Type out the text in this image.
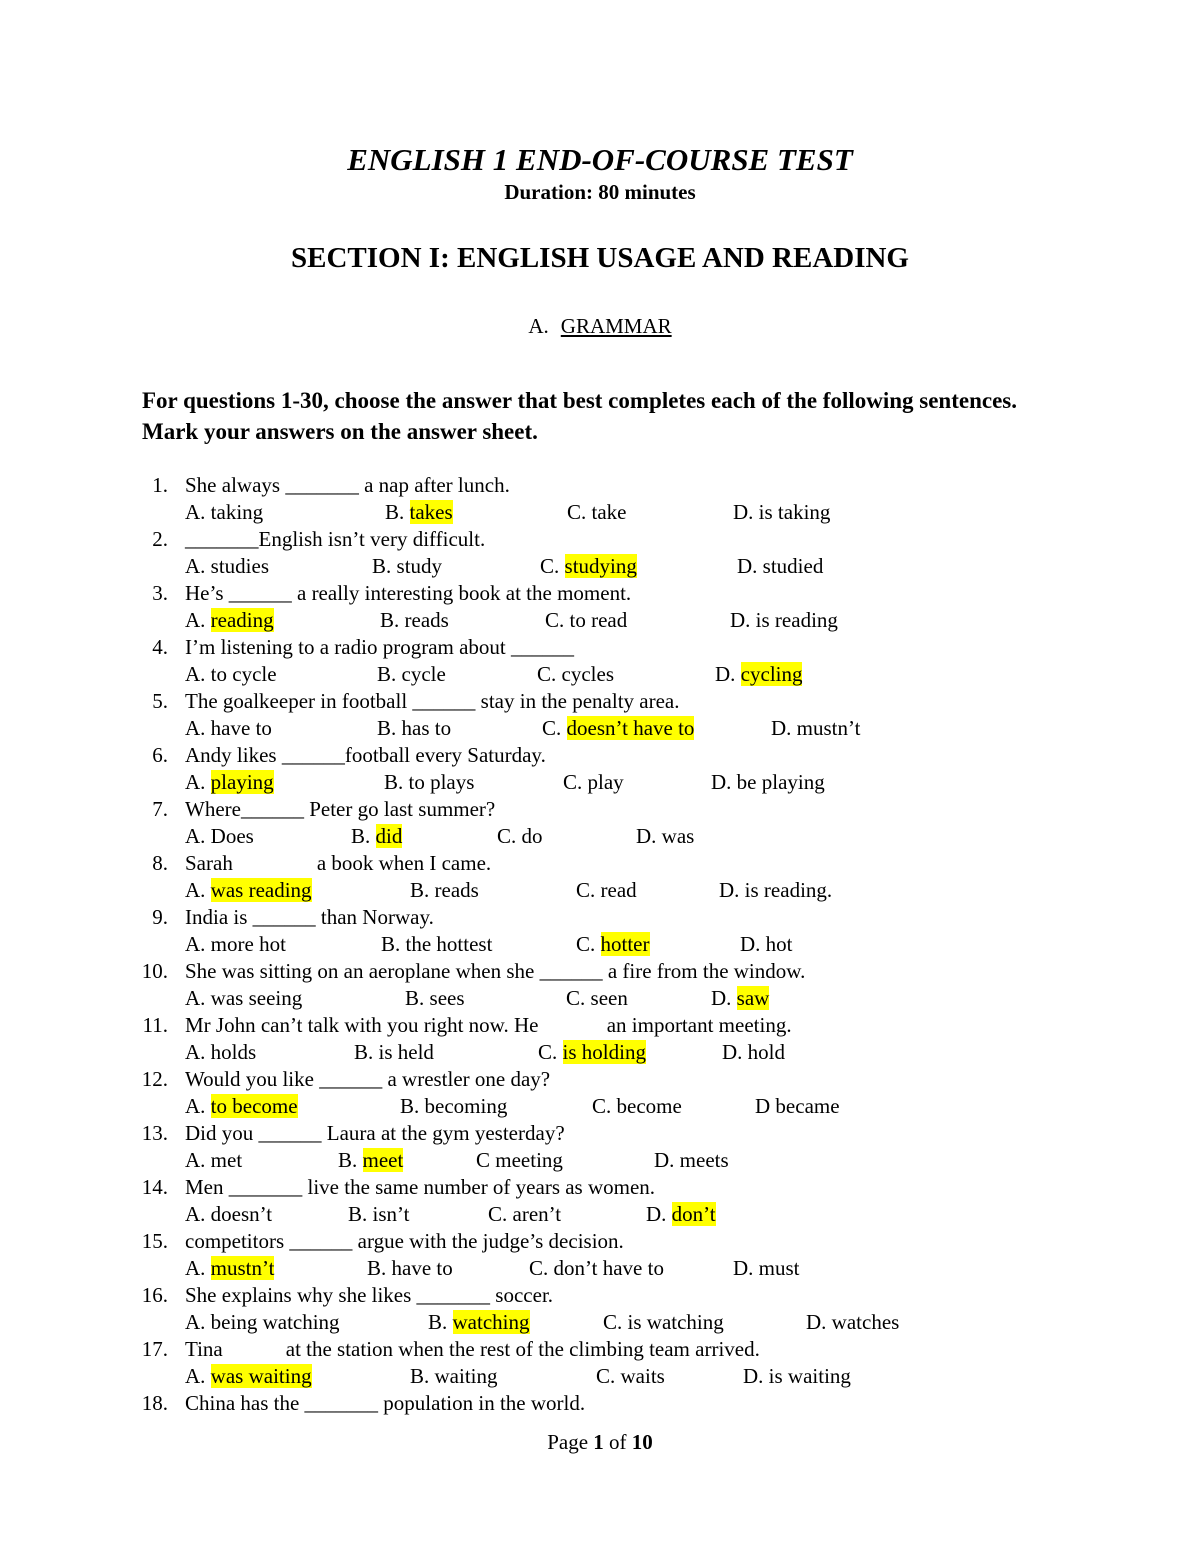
ENGLISH 1 END-OF-COURSE TEST
Duration: 80 minutes
SECTION I: ENGLISH USAGE AND READING
A. GRAMMAR
For questions 1-30, choose the answer that best completes each of the following sentences. Mark your answers on the answer sheet.
1. She always _______ a nap after lunch.
A. taking	B. takes	C. take	D. is taking
2. _______English isn’t very difficult.
A. studies	B. study	C. studying	D. studied
3. He’s ______ a really interesting book at the moment.
A. reading	B. reads	C. to read	D. is reading
4. I’m listening to a radio program about ______
A. to cycle	B. cycle	C. cycles	D. cycling
5. The goalkeeper in football ______ stay in the penalty area.
A. have to	B. has to	C. doesn’t have to	D. mustn’t
6. Andy likes ______football every Saturday.
A. playing	B. to plays	C. play	D. be playing
7. Where______ Peter go last summer?
A. Does	B. did	C. do	D. was
8. Sarah                a book when I came.
A. was reading	B. reads	C. read	D. is reading.
9. India is ______ than Norway.
A. more hot	B. the hottest	C. hotter	D. hot
10. She was sitting on an aeroplane when she ______ a fire from the window.
A. was seeing	B. sees	C. seen	D. saw
11. Mr John can’t talk with you right now. He             an important meeting.
A. holds	B. is held	C. is holding	D. hold
12. Would you like ______ a wrestler one day?
A. to become	B. becoming	C. become	D became
13. Did you ______ Laura at the gym yesterday?
A. met	B. meet	C meeting	D. meets
14. Men _______ live the same number of years as women.
A. doesn’t	B. isn’t	C. aren’t	D. don’t
15. competitors ______ argue with the judge’s decision.
A. mustn’t	B. have to	C. don’t have to	D. must
16. She explains why she likes _______ soccer.
A. being watching	B. watching	C. is watching	D. watches
17. Tina            at the station when the rest of the climbing team arrived.
A. was waiting	B. waiting	C. waits	D. is waiting
18. China has the _______ population in the world.
Page 1 of 10
